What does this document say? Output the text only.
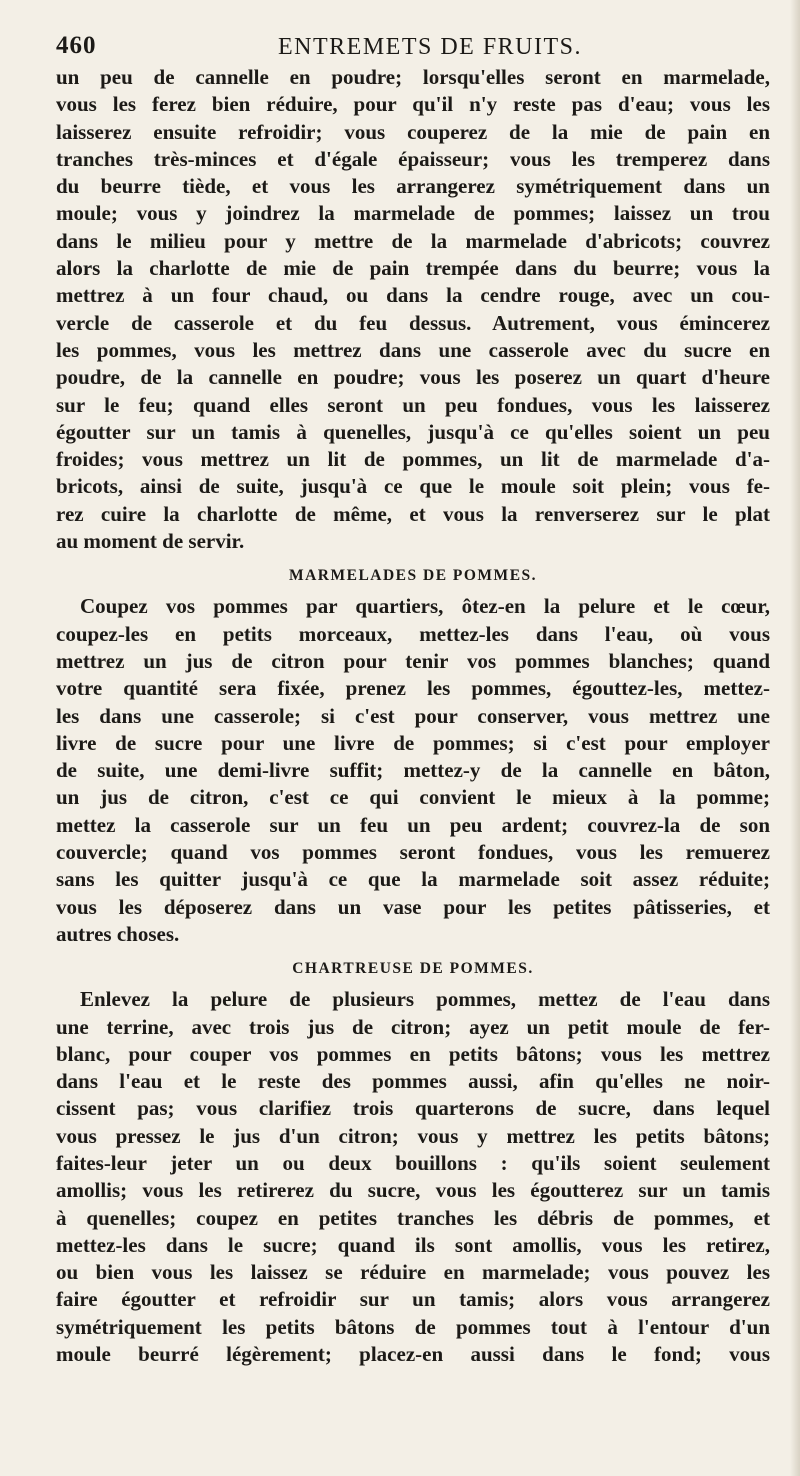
460	ENTREMETS DE FRUITS.
un peu de cannelle en poudre; lorsqu'elles seront en marmelade,
vous les ferez bien réduire, pour qu'il n'y reste pas d'eau; vous les
laisserez ensuite refroidir; vous couperez de la mie de pain en
tranches très-minces et d'égale épaisseur; vous les tremperez dans
du beurre tiède, et vous les arrangerez symétriquement dans un
moule; vous y joindrez la marmelade de pommes; laissez un trou
dans le milieu pour y mettre de la marmelade d'abricots; couvrez
alors la charlotte de mie de pain trempée dans du beurre; vous la
mettrez à un four chaud, ou dans la cendre rouge, avec un cou-
vercle de casserole et du feu dessus. Autrement, vous émincerez
les pommes, vous les mettrez dans une casserole avec du sucre en
poudre, de la cannelle en poudre; vous les poserez un quart d'heure
sur le feu; quand elles seront un peu fondues, vous les laisserez
égoutter sur un tamis à quenelles, jusqu'à ce qu'elles soient un peu
froides; vous mettrez un lit de pommes, un lit de marmelade d'a-
bricots, ainsi de suite, jusqu'à ce que le moule soit plein; vous fe-
rez cuire la charlotte de même, et vous la renverserez sur le plat
au moment de servir.
MARMELADES DE POMMES.
Coupez vos pommes par quartiers, ôtez-en la pelure et le cœur,
coupez-les en petits morceaux, mettez-les dans l'eau, où vous
mettrez un jus de citron pour tenir vos pommes blanches; quand
votre quantité sera fixée, prenez les pommes, égouttez-les, mettez-
les dans une casserole; si c'est pour conserver, vous mettrez une
livre de sucre pour une livre de pommes; si c'est pour employer
de suite, une demi-livre suffit; mettez-y de la cannelle en bâton,
un jus de citron, c'est ce qui convient le mieux à la pomme;
mettez la casserole sur un feu un peu ardent; couvrez-la de son
couvercle; quand vos pommes seront fondues, vous les remuerez
sans les quitter jusqu'à ce que la marmelade soit assez réduite;
vous les déposerez dans un vase pour les petites pâtisseries, et
autres choses.
CHARTREUSE DE POMMES.
Enlevez la pelure de plusieurs pommes, mettez de l'eau dans
une terrine, avec trois jus de citron; ayez un petit moule de fer-
blanc, pour couper vos pommes en petits bâtons; vous les mettrez
dans l'eau et le reste des pommes aussi, afin qu'elles ne noir-
cissent pas; vous clarifiez trois quarterons de sucre, dans lequel
vous pressez le jus d'un citron; vous y mettrez les petits bâtons;
faites-leur jeter un ou deux bouillons : qu'ils soient seulement
amollis; vous les retirerez du sucre, vous les égoutterez sur un tamis
à quenelles; coupez en petites tranches les débris de pommes, et
mettez-les dans le sucre; quand ils sont amollis, vous les retirez,
ou bien vous les laissez se réduire en marmelade; vous pouvez les
faire égoutter et refroidir sur un tamis; alors vous arrangerez
symétriquement les petits bâtons de pommes tout à l'entour d'un
moule beurré légèrement; placez-en aussi dans le fond; vous
